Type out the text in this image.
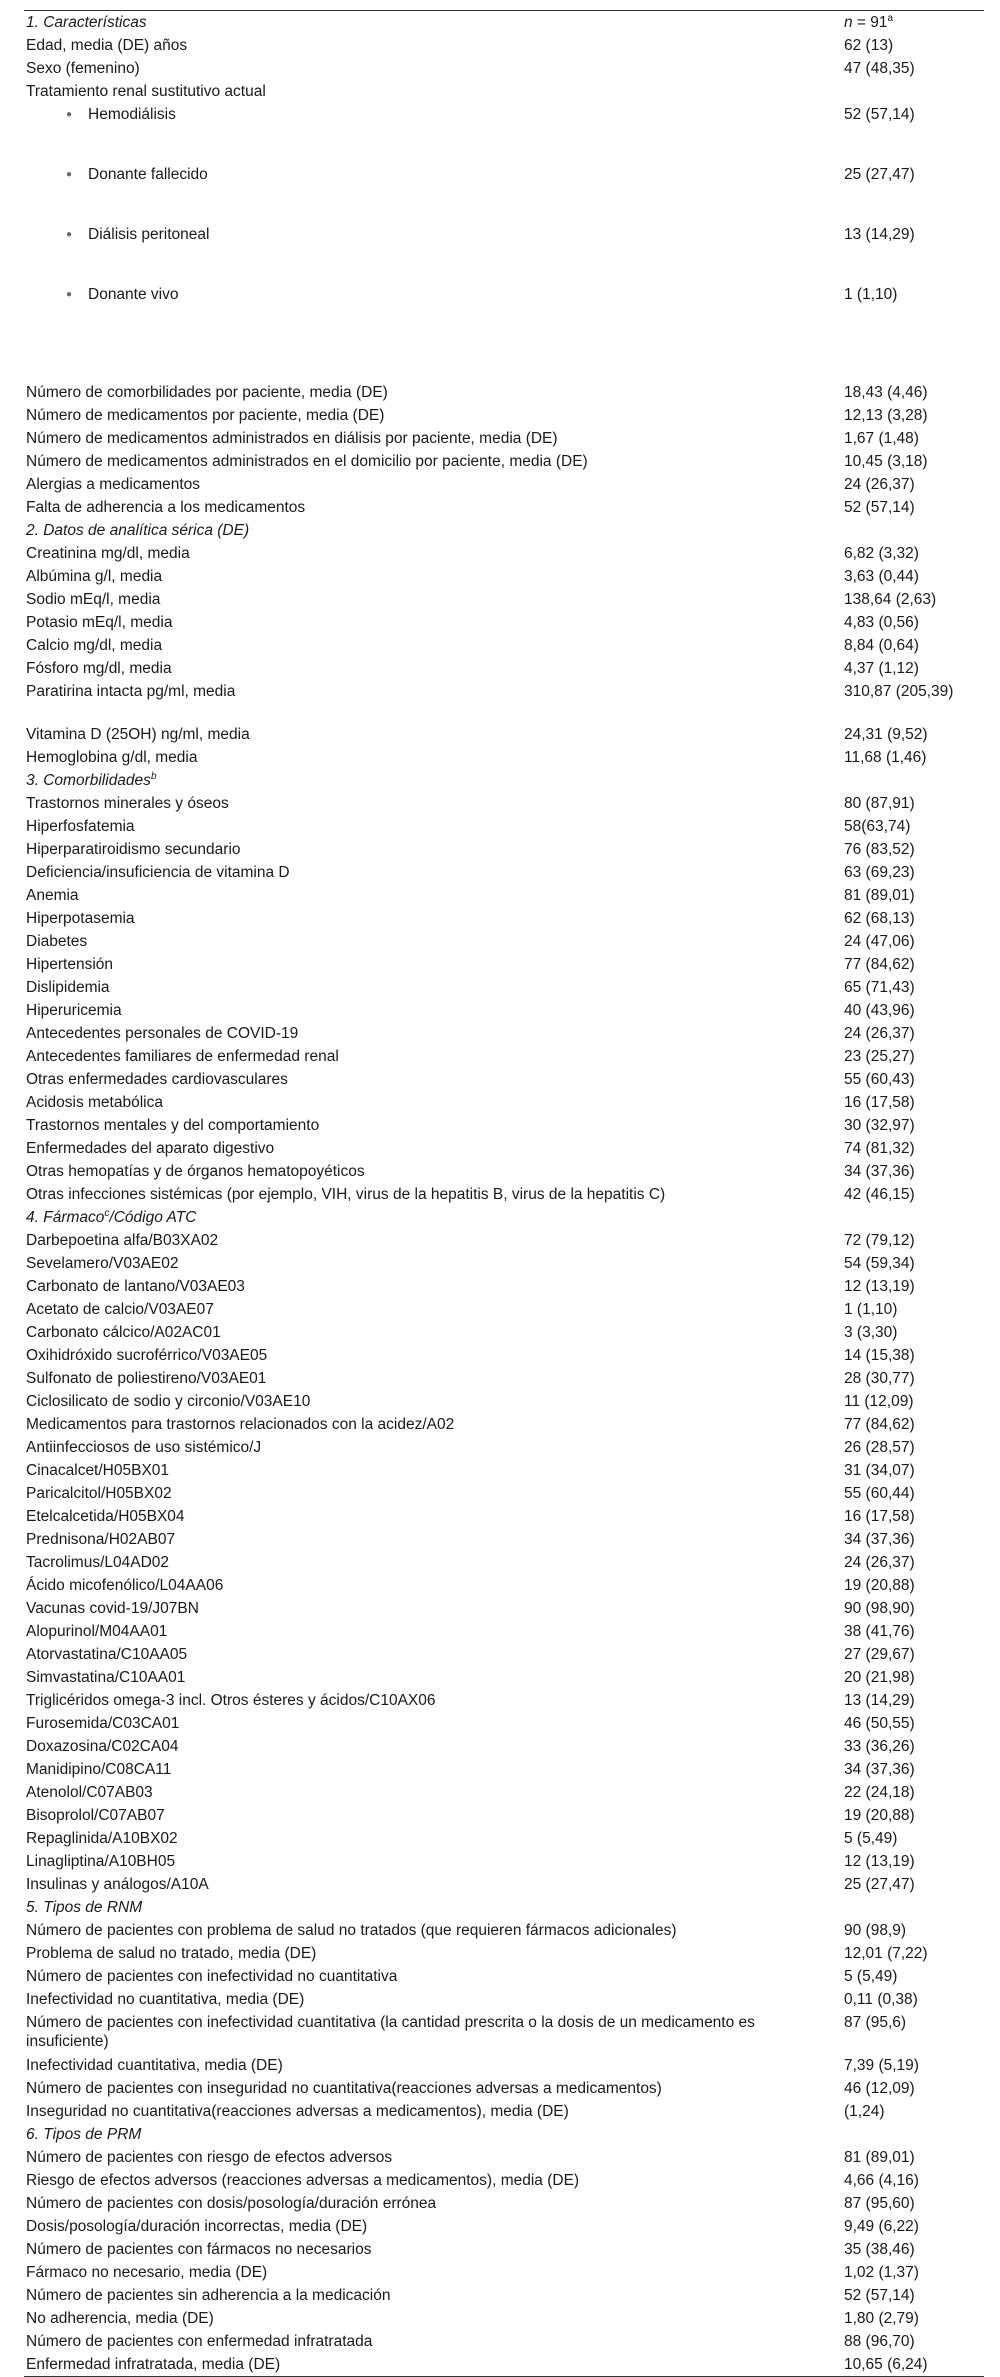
1. Características	$n = 91^a$
Edad, media (DE) años	62 (13)
Sexo (femenino)	47 (48,35)
Tratamiento renal sustitutivo actual
● Hemodiálisis	52 (57,14)
● Donante fallecido	25 (27,47)
● Diálisis peritoneal	13 (14,29)
● Donante vivo	1 (1,10)
Número de comorbilidades por paciente, media (DE)	18,43 (4,46)
Número de medicamentos por paciente, media (DE)	12,13 (3,28)
Número de medicamentos administrados en diálisis por paciente, media (DE)	1,67 (1,48)
Número de medicamentos administrados en el domicilio por paciente, media (DE)	10,45 (3,18)
Alergias a medicamentos	24 (26,37)
Falta de adherencia a los medicamentos	52 (57,14)
2. Datos de analítica sérica (DE)
Creatinina mg/dl, media	6,82 (3,32)
Albúmina g/l, media	3,63 (0,44)
Sodio mEq/l, media	138,64 (2,63)
Potasio mEq/l, media	4,83 (0,56)
Calcio mg/dl, media	8,84 (0,64)
Fósforo mg/dl, media	4,37 (1,12)
Paratirina intacta pg/ml, media	310,87 (205,39)
Vitamina D (25OH) ng/ml, media	24,31 (9,52)
Hemoglobina g/dl, media	11,68 (1,46)
3. Comorbilidades$^b$
Trastornos minerales y óseos	80 (87,91)
Hiperfosfatemia	58(63,74)
Hiperparatiroidismo secundario	76 (83,52)
Deficiencia/insuficiencia de vitamina D	63 (69,23)
Anemia	81 (89,01)
Hiperpotasemia	62 (68,13)
Diabetes	24 (47,06)
Hipertensión	77 (84,62)
Dislipidemia	65 (71,43)
Hiperuricemia	40 (43,96)
Antecedentes personales de COVID-19	24 (26,37)
Antecedentes familiares de enfermedad renal	23 (25,27)
Otras enfermedades cardiovasculares	55 (60,43)
Acidosis metabólica	16 (17,58)
Trastornos mentales y del comportamiento	30 (32,97)
Enfermedades del aparato digestivo	74 (81,32)
Otras hemopatías y de órganos hematopoyéticos	34 (37,36)
Otras infecciones sistémicas (por ejemplo, VIH, virus de la hepatitis B, virus de la hepatitis C)	42 (46,15)
4. Fármaco$^c$/Código ATC
Darbepoetina alfa/B03XA02	72 (79,12)
Sevelamero/V03AE02	54 (59,34)
Carbonato de lantano/V03AE03	12 (13,19)
Acetato de calcio/V03AE07	1 (1,10)
Carbonato cálcico/A02AC01	3 (3,30)
Oxihidróxido sucroférrico/V03AE05	14 (15,38)
Sulfonato de poliestireno/V03AE01	28 (30,77)
Ciclosilicato de sodio y circonio/V03AE10	11 (12,09)
Medicamentos para trastornos relacionados con la acidez/A02	77 (84,62)
Antiinfecciosos de uso sistémico/J	26 (28,57)
Cinacalcet/H05BX01	31 (34,07)
Paricalcitol/H05BX02	55 (60,44)
Etelcalcetida/H05BX04	16 (17,58)
Prednisona/H02AB07	34 (37,36)
Tacrolimus/L04AD02	24 (26,37)
Ácido micofenólico/L04AA06	19 (20,88)
Vacunas covid-19/J07BN	90 (98,90)
Alopurinol/M04AA01	38 (41,76)
Atorvastatina/C10AA05	27 (29,67)
Simvastatina/C10AA01	20 (21,98)
Triglicéridos omega-3 incl. Otros ésteres y ácidos/C10AX06	13 (14,29)
Furosemida/C03CA01	46 (50,55)
Doxazosina/C02CA04	33 (36,26)
Manidipino/C08CA11	34 (37,36)
Atenolol/C07AB03	22 (24,18)
Bisoprolol/C07AB07	19 (20,88)
Repaglinida/A10BX02	5 (5,49)
Linagliptina/A10BH05	12 (13,19)
Insulinas y análogos/A10A	25 (27,47)
5. Tipos de RNM
Número de pacientes con problema de salud no tratados (que requieren fármacos adicionales)	90 (98,9)
Problema de salud no tratado, media (DE)	12,01 (7,22)
Número de pacientes con inefectividad no cuantitativa	5 (5,49)
Inefectividad no cuantitativa, media (DE)	0,11 (0,38)
Número de pacientes con inefectividad cuantitativa (la cantidad prescrita o la dosis de un medicamento es insuficiente)
87 (95,6)
Inefectividad cuantitativa, media (DE)	7,39 (5,19)
Número de pacientes con inseguridad no cuantitativa(reacciones adversas a medicamentos)	46 (12,09)
Inseguridad no cuantitativa(reacciones adversas a medicamentos), media (DE)	(1,24)
6. Tipos de PRM
Número de pacientes con riesgo de efectos adversos	81 (89,01)
Riesgo de efectos adversos (reacciones adversas a medicamentos), media (DE)	4,66 (4,16)
Número de pacientes con dosis/posología/duración errónea	87 (95,60)
Dosis/posología/duración incorrectas, media (DE)	9,49 (6,22)
Número de pacientes con fármacos no necesarios	35 (38,46)
Fármaco no necesario, media (DE)	1,02 (1,37)
Número de pacientes sin adherencia a la medicación	52 (57,14)
No adherencia, media (DE)	1,80 (2,79)
Número de pacientes con enfermedad infratratada	88 (96,70)
Enfermedad infratratada, media (DE)	10,65 (6,24)
